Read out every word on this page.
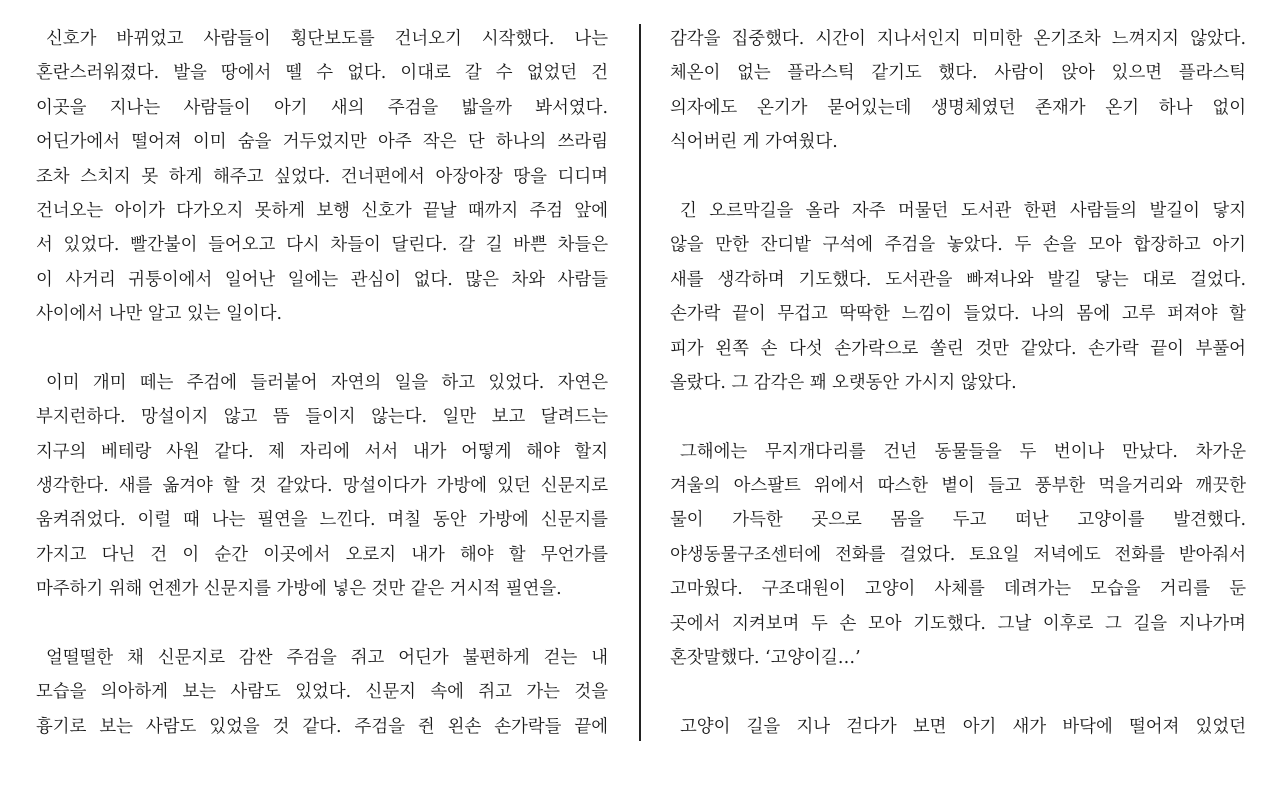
신호가 바뀌었고 사람들이 횡단보도를 건너오기 시작했다. 나는
혼란스러워졌다. 발을 땅에서 뗄 수 없다. 이대로 갈 수 없었던 건
이곳을 지나는 사람들이 아기 새의 주검을 밟을까 봐서였다.
어딘가에서 떨어져 이미 숨을 거두었지만 아주 작은 단 하나의 쓰라림
조차 스치지 못 하게 해주고 싶었다. 건너편에서 아장아장 땅을 디디며
건너오는 아이가 다가오지 못하게 보행 신호가 끝날 때까지 주검 앞에
서 있었다. 빨간불이 들어오고 다시 차들이 달린다. 갈 길 바쁜 차들은
이 사거리 귀퉁이에서 일어난 일에는 관심이 없다. 많은 차와 사람들
사이에서 나만 알고 있는 일이다.
이미 개미 떼는 주검에 들러붙어 자연의 일을 하고 있었다. 자연은
부지런하다. 망설이지 않고 뜸 들이지 않는다. 일만 보고 달려드는
지구의 베테랑 사원 같다. 제 자리에 서서 내가 어떻게 해야 할지
생각한다. 새를 옮겨야 할 것 같았다. 망설이다가 가방에 있던 신문지로
움켜쥐었다. 이럴 때 나는 필연을 느낀다. 며칠 동안 가방에 신문지를
가지고 다닌 건 이 순간 이곳에서 오로지 내가 해야 할 무언가를
마주하기 위해 언젠가 신문지를 가방에 넣은 것만 같은 거시적 필연을.
얼떨떨한 채 신문지로 감싼 주검을 쥐고 어딘가 불편하게 걷는 내
모습을 의아하게 보는 사람도 있었다. 신문지 속에 쥐고 가는 것을
흉기로 보는 사람도 있었을 것 같다. 주검을 쥔 왼손 손가락들 끝에
감각을 집중했다. 시간이 지나서인지 미미한 온기조차 느껴지지 않았다.
체온이 없는 플라스틱 같기도 했다. 사람이 앉아 있으면 플라스틱
의자에도 온기가 묻어있는데 생명체였던 존재가 온기 하나 없이
식어버린 게 가여웠다.
긴 오르막길을 올라 자주 머물던 도서관 한편 사람들의 발길이 닿지
않을 만한 잔디밭 구석에 주검을 놓았다. 두 손을 모아 합장하고 아기
새를 생각하며 기도했다. 도서관을 빠져나와 발길 닿는 대로 걸었다.
손가락 끝이 무겁고 딱딱한 느낌이 들었다. 나의 몸에 고루 퍼져야 할
피가 왼쪽 손 다섯 손가락으로 쏠린 것만 같았다. 손가락 끝이 부풀어
올랐다. 그 감각은 꽤 오랫동안 가시지 않았다.
그해에는 무지개다리를 건넌 동물들을 두 번이나 만났다. 차가운
겨울의 아스팔트 위에서 따스한 볕이 들고 풍부한 먹을거리와 깨끗한
물이 가득한 곳으로 몸을 두고 떠난 고양이를 발견했다.
야생동물구조센터에 전화를 걸었다. 토요일 저녁에도 전화를 받아줘서
고마웠다. 구조대원이 고양이 사체를 데려가는 모습을 거리를 둔
곳에서 지켜보며 두 손 모아 기도했다. 그날 이후로 그 길을 지나가며
혼잣말했다. ‘고양이길…’
고양이 길을 지나 걷다가 보면 아기 새가 바닥에 떨어져 있었던
